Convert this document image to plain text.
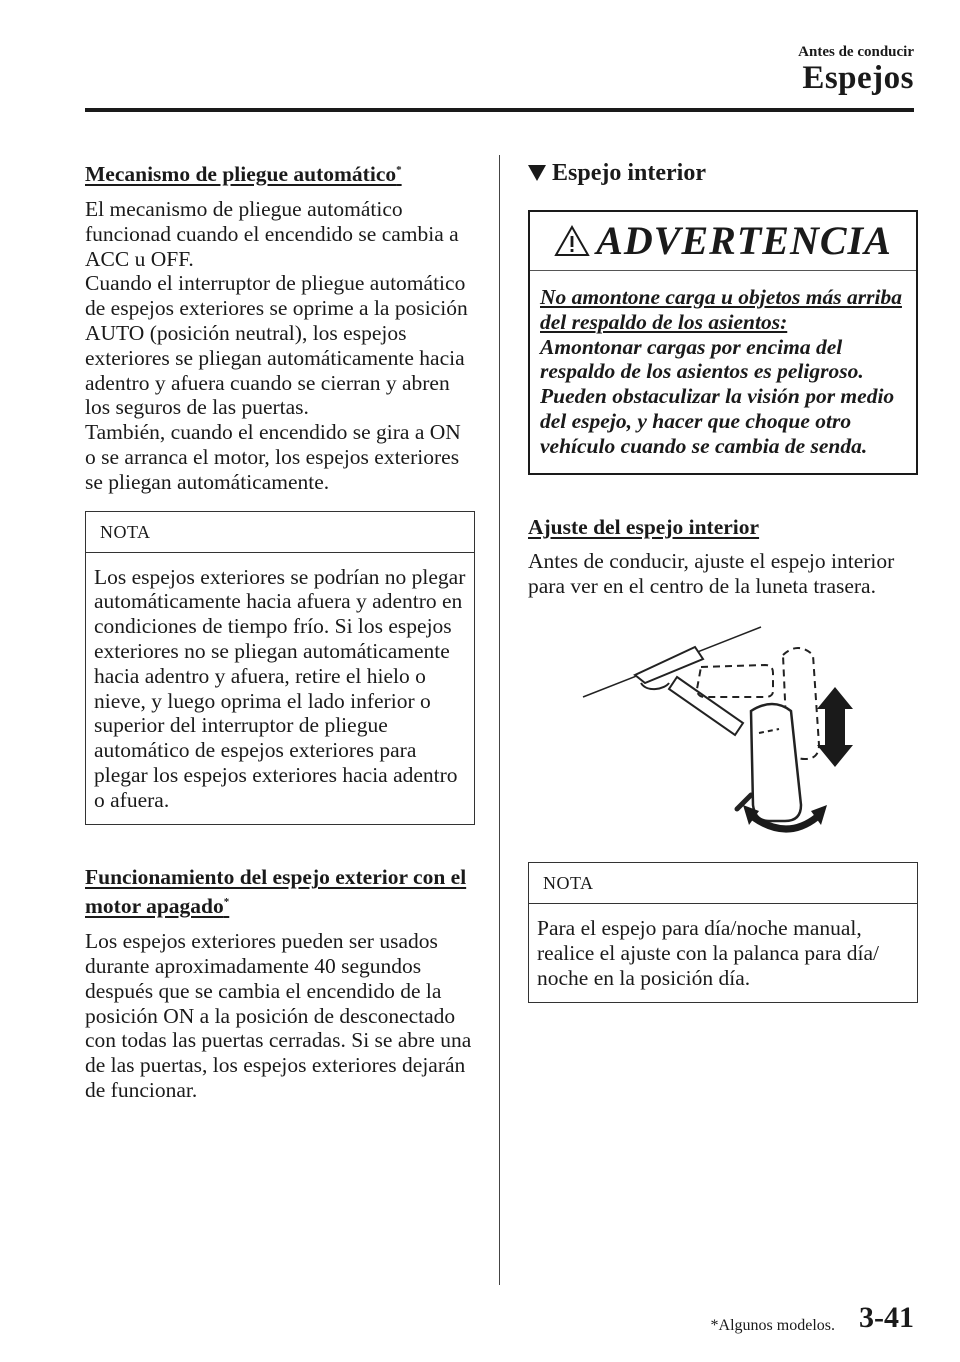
Antes de conducir
Espejos
Mecanismo de pliegue automático*

El mecanismo de pliegue automático funcionad cuando el encendido se cambia a ACC u OFF.

Cuando el interruptor de pliegue automático de espejos exteriores se oprime a la posición AUTO (posición neutral), los espejos exteriores se pliegan automáticamente hacia adentro y afuera cuando se cierran y abren los seguros de las puertas.

También, cuando el encendido se gira a ON o se arranca el motor, los espejos exteriores se pliegan automáticamente.

NOTA
Los espejos exteriores se podrían no plegar automáticamente hacia afuera y adentro en condiciones de tiempo frío. Si los espejos exteriores no se pliegan automáticamente hacia adentro y afuera, retire el hielo o nieve, y luego oprima el lado inferior o superior del interruptor de pliegue automático de espejos exteriores para plegar los espejos exteriores hacia adentro o afuera.
Funcionamiento del espejo exterior con el motor apagado*

Los espejos exteriores pueden ser usados durante aproximadamente 40 segundos después que se cambia el encendido de la posición ON a la posición de desconectado con todas las puertas cerradas. Si se abre una de las puertas, los espejos exteriores dejarán de funcionar.

Espejo interior
ADVERTENCIA
No amontone carga u objetos más arriba del respaldo de los asientos:
Amontonar cargas por encima del respaldo de los asientos es peligroso. Pueden obstaculizar la visión por medio del espejo, y hacer que choque otro vehículo cuando se cambia de senda.
Ajuste del espejo interior

Antes de conducir, ajuste el espejo interior para ver en el centro de la luneta trasera.

NOTA
Para el espejo para día/noche manual, realice el ajuste con la palanca para día/ noche en la posición día.
*Algunos modelos. 3-41
